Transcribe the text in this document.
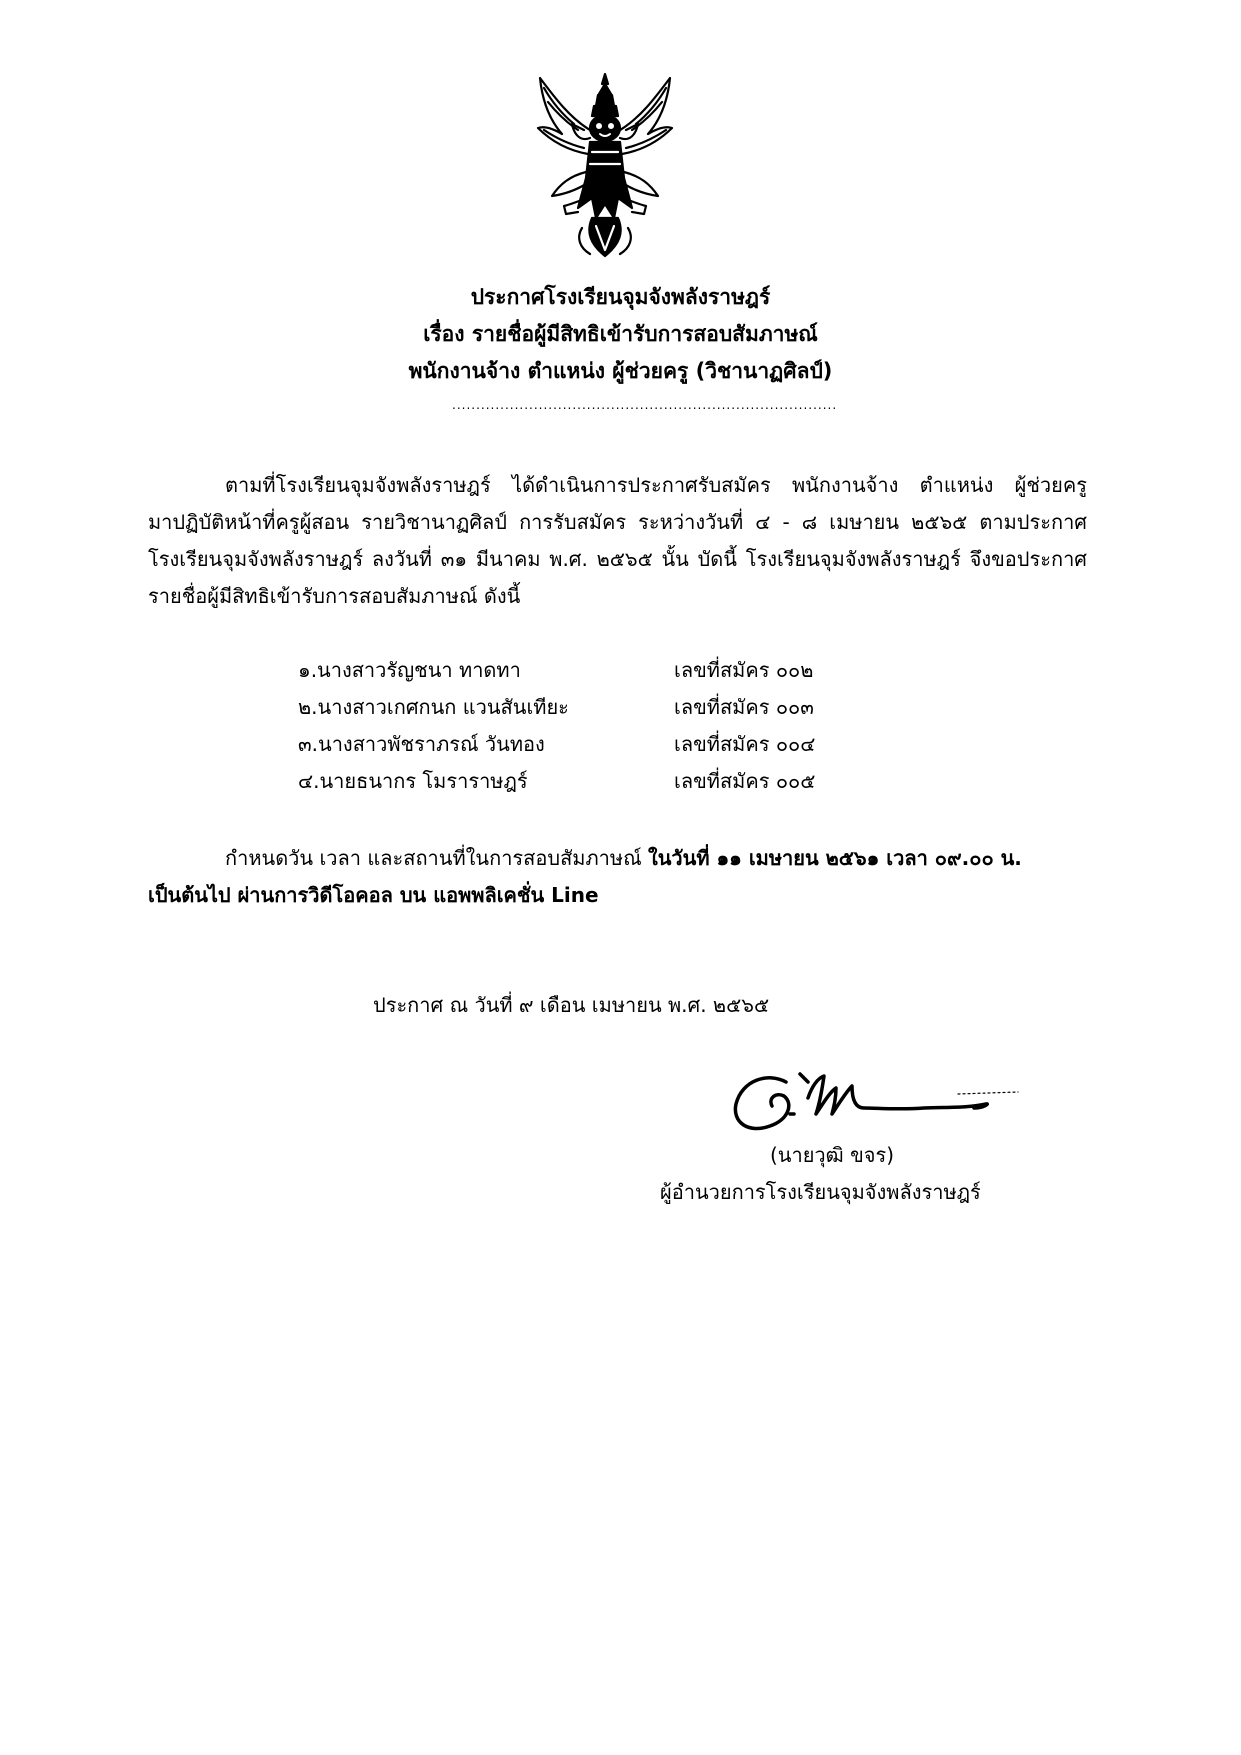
ประกาศโรงเรียนจุมจังพลังราษฎร์
เรื่อง รายชื่อผู้มีสิทธิเข้ารับการสอบสัมภาษณ์
พนักงานจ้าง ตำแหน่ง ผู้ช่วยครู (วิชานาฏศิลป์)
................................................................................
ตามที่โรงเรียนจุมจังพลังราษฎร์ ได้ดำเนินการประกาศรับสมัคร พนักงานจ้าง ตำแหน่ง ผู้ช่วยครู
มาปฏิบัติหน้าที่ครูผู้สอน รายวิชานาฏศิลป์ การรับสมัคร ระหว่างวันที่ ๔ - ๘ เมษายน ๒๕๖๕ ตามประกาศ
โรงเรียนจุมจังพลังราษฎร์ ลงวันที่ ๓๑ มีนาคม พ.ศ. ๒๕๖๕ นั้น บัดนี้ โรงเรียนจุมจังพลังราษฎร์ จึงขอประกาศ
รายชื่อผู้มีสิทธิเข้ารับการสอบสัมภาษณ์ ดังนี้
๑.นางสาวรัญชนา ทาดทา	เลขที่สมัคร ๐๐๒
๒.นางสาวเกศกนก แวนสันเทียะ	เลขที่สมัคร ๐๐๓
๓.นางสาวพัชราภรณ์ วันทอง	เลขที่สมัคร ๐๐๔
๔.นายธนากร โมราราษฎร์	เลขที่สมัคร ๐๐๕
กำหนดวัน เวลา และสถานที่ในการสอบสัมภาษณ์ ในวันที่ ๑๑ เมษายน ๒๕๖๑ เวลา ๐๙.๐๐ น.
เป็นต้นไป ผ่านการวิดีโอคอล บน แอพพลิเคชั่น Line
ประกาศ ณ วันที่ ๙ เดือน เมษายน พ.ศ. ๒๕๖๕
(นายวุฒิ ขจร)
ผู้อำนวยการโรงเรียนจุมจังพลังราษฎร์
